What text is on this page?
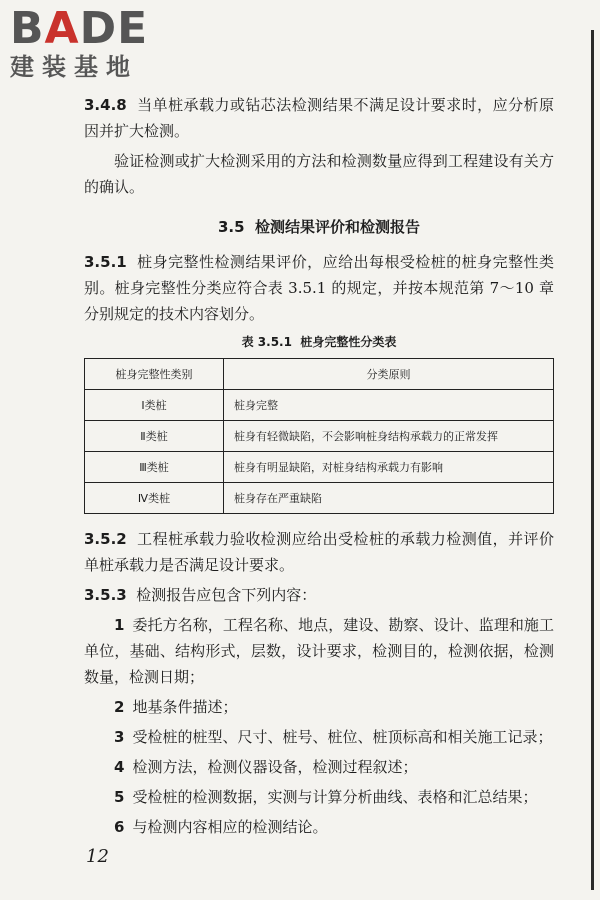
BADE
建装基地

3.4.8 当单桩承载力或钻芯法检测结果不满足设计要求时，应分析原因并扩大检测。

验证检测或扩大检测采用的方法和检测数量应得到工程建设有关方的确认。

3.5 检测结果评价和检测报告

3.5.1 桩身完整性检测结果评价，应给出每根受检桩的桩身完整性类别。桩身完整性分类应符合表 3.5.1 的规定，并按本规范第 7～10 章分别规定的技术内容划分。

表 3.5.1 桩身完整性分类表
桩身完整性类别	分类原则
Ⅰ类桩	桩身完整
Ⅱ类桩	桩身有轻微缺陷，不会影响桩身结构承载力的正常发挥
Ⅲ类桩	桩身有明显缺陷，对桩身结构承载力有影响
Ⅳ类桩	桩身存在严重缺陷

3.5.2 工程桩承载力验收检测应给出受检桩的承载力检测值，并评价单桩承载力是否满足设计要求。

3.5.3 检测报告应包含下列内容：

1 委托方名称，工程名称、地点，建设、勘察、设计、监理和施工单位，基础、结构形式，层数，设计要求，检测目的，检测依据，检测数量，检测日期；

2 地基条件描述；

3 受检桩的桩型、尺寸、桩号、桩位、桩顶标高和相关施工记录；

4 检测方法，检测仪器设备，检测过程叙述；

5 受检桩的检测数据，实测与计算分析曲线、表格和汇总结果；

6 与检测内容相应的检测结论。

12
